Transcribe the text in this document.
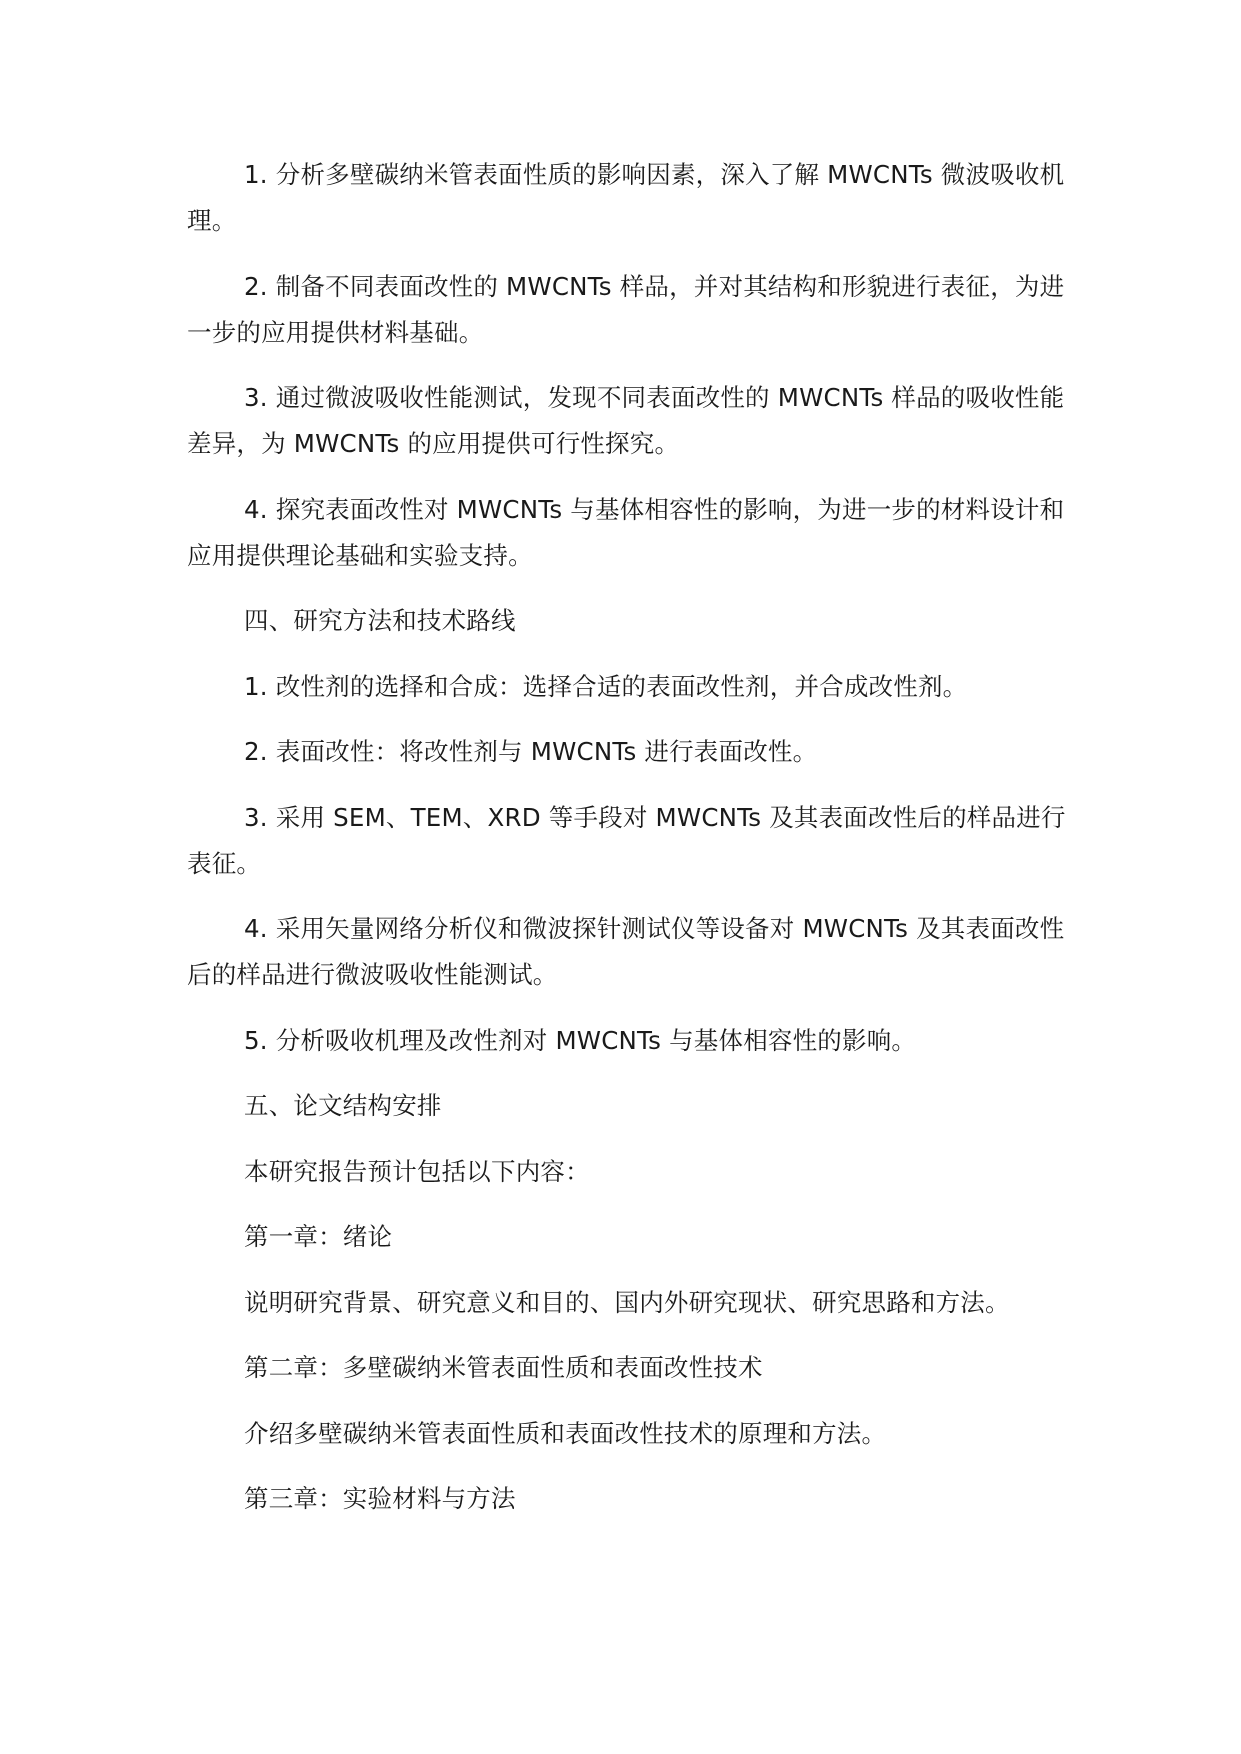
1. 分析多壁碳纳米管表面性质的影响因素，深入了解 MWCNTs 微波吸收机理。

2. 制备不同表面改性的 MWCNTs 样品，并对其结构和形貌进行表征，为进一步的应用提供材料基础。

3. 通过微波吸收性能测试，发现不同表面改性的 MWCNTs 样品的吸收性能差异，为 MWCNTs 的应用提供可行性探究。

4. 探究表面改性对 MWCNTs 与基体相容性的影响，为进一步的材料设计和应用提供理论基础和实验支持。

四、研究方法和技术路线

1. 改性剂的选择和合成：选择合适的表面改性剂，并合成改性剂。

2. 表面改性：将改性剂与 MWCNTs 进行表面改性。

3. 采用 SEM、TEM、XRD 等手段对 MWCNTs 及其表面改性后的样品进行表征。

4. 采用矢量网络分析仪和微波探针测试仪等设备对 MWCNTs 及其表面改性后的样品进行微波吸收性能测试。

5. 分析吸收机理及改性剂对 MWCNTs 与基体相容性的影响。

五、论文结构安排

本研究报告预计包括以下内容：

第一章：绪论

说明研究背景、研究意义和目的、国内外研究现状、研究思路和方法。

第二章：多壁碳纳米管表面性质和表面改性技术

介绍多壁碳纳米管表面性质和表面改性技术的原理和方法。

第三章：实验材料与方法
